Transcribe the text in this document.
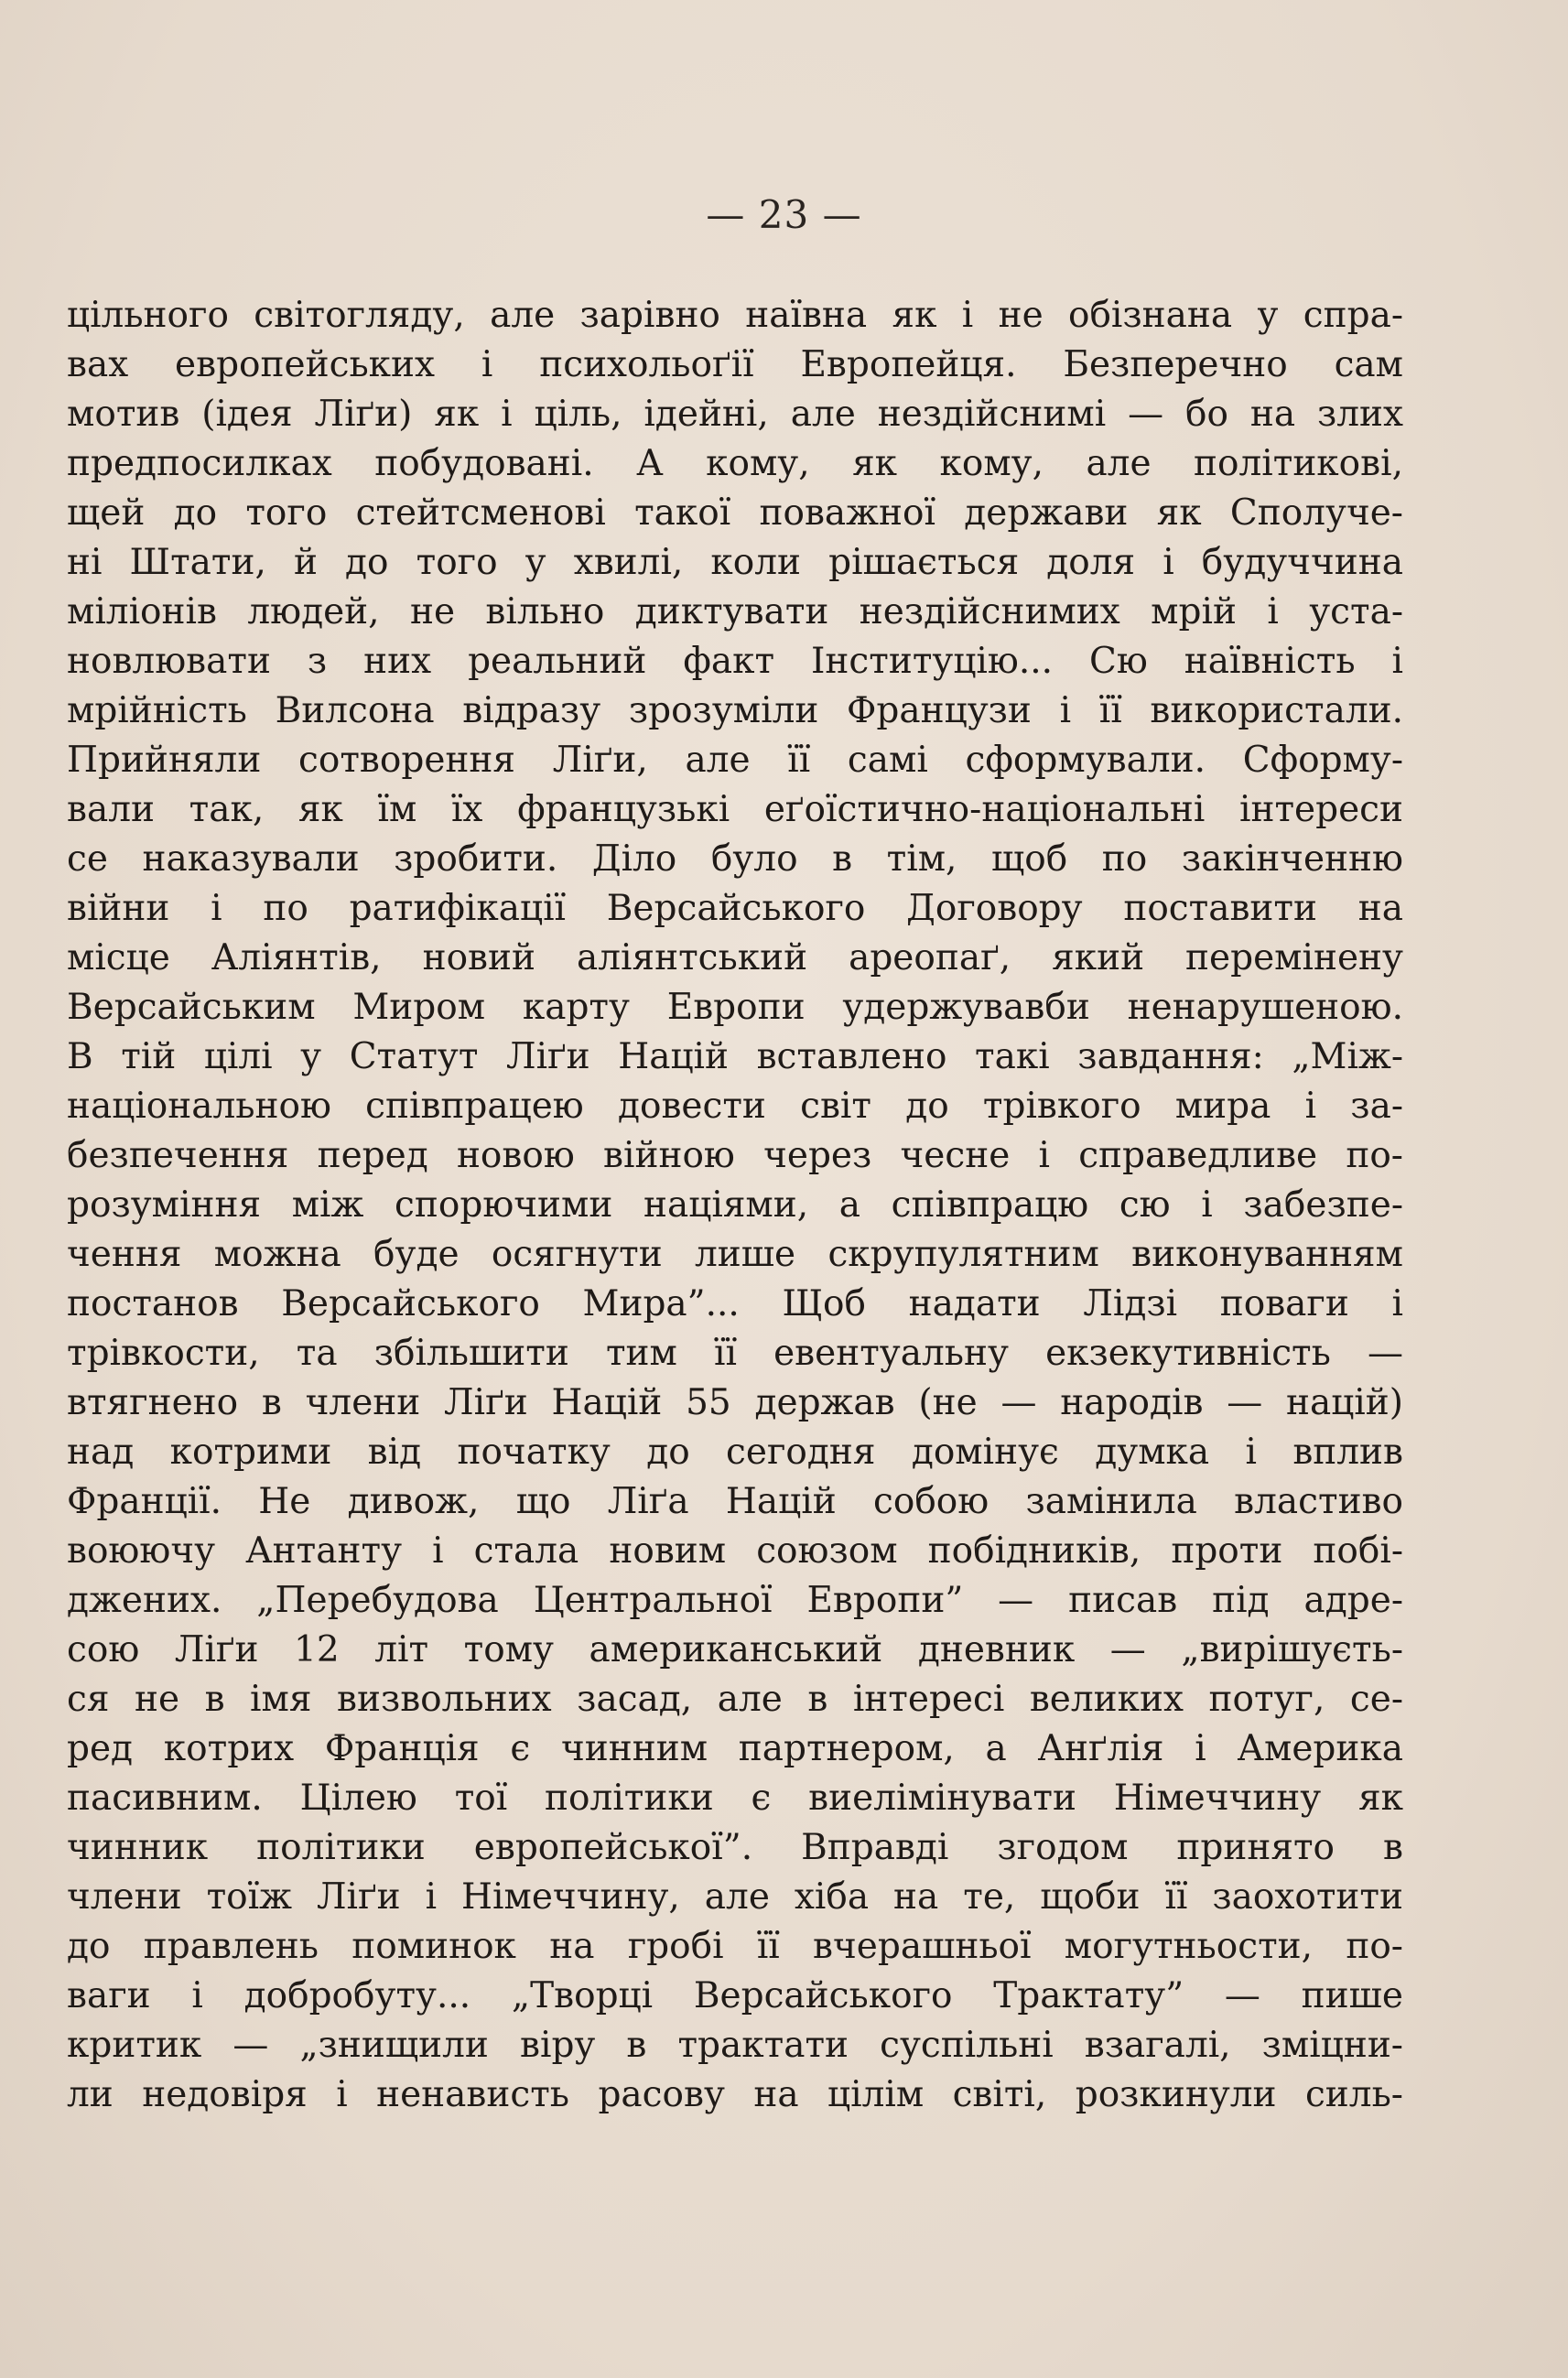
— 23 —
цільного світогляду, але зарівно наївна як і не обізнана у спра-
вах европейських і психольоґії Европейця. Безперечно сам
мотив (ідея Ліґи) як і ціль, ідейні, але нездійснимі — бо на злих
предпосилках побудовані. А кому, як кому, але політикові,
щей до того стейтсменові такої поважної держави як Сполуче-
ні Штати, й до того у хвилі, коли рішається доля і будуччина
міліонів людей, не вільно диктувати нездійснимих мрій і уста-
новлювати з них реальний факт Інституцію... Сю наївність і
мрійність Вилсона відразу зрозуміли Французи і її використали.
Прийняли сотворення Ліґи, але її самі сформували. Сформу-
вали так, як їм їх французькі еґоїстично-національні інтереси
се наказували зробити. Діло було в тім, щоб по закінченню
війни і по ратифікації Версайського Договору поставити на
місце Аліянтів, новий аліянтський ареопаґ, який перемінену
Версайським Миром карту Европи удержувавби ненарушеною.
В тій цілі у Статут Ліґи Націй вставлено такі завдання: „Між-
національною співпрацею довести світ до трівкого мира і за-
безпечення перед новою війною через чесне і справедливе по-
розуміння між спорючими націями, а співпрацю сю і забезпе-
чення можна буде осягнути лише скрупулятним виконуванням
постанов Версайського Мира”... Щоб надати Лідзі поваги і
трівкости, та збільшити тим її евентуальну екзекутивність —
втягнено в члени Ліґи Націй 55 держав (не — народів — націй)
над котрими від початку до сегодня домінує думка і вплив
Франції. Не дивож, що Ліґа Націй собою замінила властиво
воюючу Антанту і стала новим союзом побідників, проти побі-
джених. „Перебудова Центральної Европи” — писав під адре-
сою Ліґи 12 літ тому американський дневник — „вирішуєть-
ся не в імя визвольних засад, але в інтересі великих потуг, се-
ред котрих Франція є чинним партнером, а Анґлія і Америка
пасивним. Цілею тої політики є виелімінувати Німеччину як
чинник політики европейської”. Вправді згодом принято в
члени тоїж Ліґи і Німеччину, але хіба на те, щоби її заохотити
до правлень поминок на гробі її вчерашньої могутньости, по-
ваги і добробуту... „Творці Версайського Трактату” — пише
критик — „знищили віру в трактати суспільні взагалі, зміцни-
ли недовіря і ненависть расову на цілім світі, розкинули силь-
